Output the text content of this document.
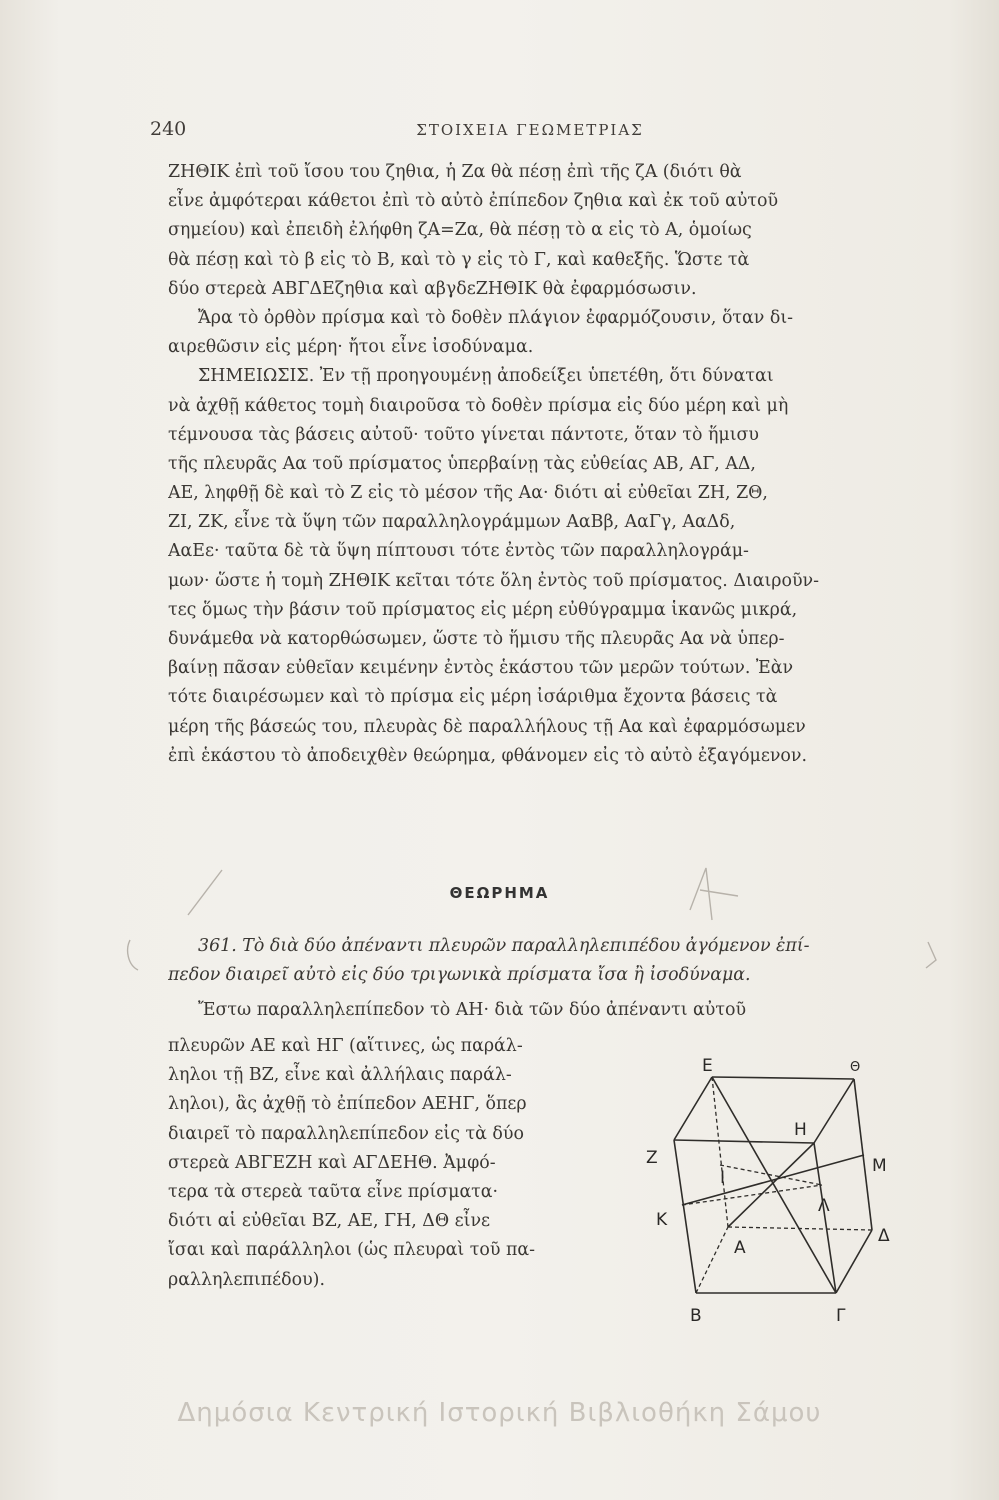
240	ΣΤΟΙΧΕΙΑ ΓΕΩΜΕΤΡΙΑΣ
ΖΗΘΙΚ ἐπὶ τοῦ ἴσου του ζηθια, ἡ Ζα θὰ πέσῃ ἐπὶ τῆς ζΑ (διότι θὰ
εἶνε ἀμφότεραι κάθετοι ἐπὶ τὸ αὐτὸ ἐπίπεδον ζηθια καὶ ἐκ τοῦ αὐτοῦ
σημείου) καὶ ἐπειδὴ ἐλήφθη ζΑ=Ζα, θὰ πέσῃ τὸ α εἰς τὸ Α, ὁμοίως
θὰ πέσῃ καὶ τὸ β εἰς τὸ Β, καὶ τὸ γ εἰς τὸ Γ, καὶ καθεξῆς. Ὥστε τὰ
δύο στερεὰ ΑΒΓΔΕζηθια καὶ αβγδεΖΗΘΙΚ θὰ ἐφαρμόσωσιν.
Ἄρα τὸ ὀρθὸν πρίσμα καὶ τὸ δοθὲν πλάγιον ἐφαρμόζουσιν, ὅταν δι-
αιρεθῶσιν εἰς μέρη· ἤτοι εἶνε ἰσοδύναμα.
ΣΗΜΕΙΩΣΙΣ. Ἐν τῇ προηγουμένῃ ἀποδείξει ὑπετέθη, ὅτι δύναται
νὰ ἀχθῇ κάθετος τομὴ διαιροῦσα τὸ δοθὲν πρίσμα εἰς δύο μέρη καὶ μὴ
τέμνουσα τὰς βάσεις αὐτοῦ· τοῦτο γίνεται πάντοτε, ὅταν τὸ ἥμισυ
τῆς πλευρᾶς Αα τοῦ πρίσματος ὑπερβαίνῃ τὰς εὐθείας ΑΒ, ΑΓ, ΑΔ,
ΑΕ, ληφθῇ δὲ καὶ τὸ Ζ εἰς τὸ μέσον τῆς Αα· διότι αἱ εὐθεῖαι ΖΗ, ΖΘ,
ΖΙ, ΖΚ, εἶνε τὰ ὕψη τῶν παραλληλογράμμων ΑαΒβ, ΑαΓγ, ΑαΔδ,
ΑαΕε· ταῦτα δὲ τὰ ὕψη πίπτουσι τότε ἐντὸς τῶν παραλληλογράμ-
μων· ὥστε ἡ τομὴ ΖΗΘΙΚ κεῖται τότε ὅλη ἐντὸς τοῦ πρίσματος. Διαιροῦν-
τες ὅμως τὴν βάσιν τοῦ πρίσματος εἰς μέρη εὐθύγραμμα ἱκανῶς μικρά,
δυνάμεθα νὰ κατορθώσωμεν, ὥστε τὸ ἥμισυ τῆς πλευρᾶς Αα νὰ ὑπερ-
βαίνῃ πᾶσαν εὐθεῖαν κειμένην ἐντὸς ἑκάστου τῶν μερῶν τούτων. Ἐὰν
τότε διαιρέσωμεν καὶ τὸ πρίσμα εἰς μέρη ἰσάριθμα ἔχοντα βάσεις τὰ
μέρη τῆς βάσεώς του, πλευρὰς δὲ παραλλήλους τῇ Αα καὶ ἐφαρμόσωμεν
ἐπὶ ἑκάστου τὸ ἀποδειχθὲν θεώρημα, φθάνομεν εἰς τὸ αὐτὸ ἐξαγόμενον.
ΘΕΩΡΗΜΑ
361. Τὸ διὰ δύο ἀπέναντι πλευρῶν παραλληλεπιπέδου ἀγόμενον ἐπί-
πεδον διαιρεῖ αὐτὸ εἰς δύο τριγωνικὰ πρίσματα ἴσα ἢ ἰσοδύναμα.
Ἔστω παραλληλεπίπεδον τὸ ΑΗ· διὰ τῶν δύο ἀπέναντι αὐτοῦ
πλευρῶν ΑΕ καὶ ΗΓ (αἵτινες, ὡς παράλ-
ληλοι τῇ ΒΖ, εἶνε καὶ ἀλλήλαις παράλ-
ληλοι), ἂς ἀχθῇ τὸ ἐπίπεδον ΑΕΗΓ, ὅπερ
διαιρεῖ τὸ παραλληλεπίπεδον εἰς τὰ δύο
στερεὰ ΑΒΓΕΖΗ καὶ ΑΓΔΕΗΘ. Ἀμφό-
τερα τὰ στερεὰ ταῦτα εἶνε πρίσματα·
διότι αἱ εὐθεῖαι ΒΖ, ΑΕ, ΓΗ, ΔΘ εἶνε
ἴσαι καὶ παράλληλοι (ὡς πλευραὶ τοῦ πα-
ραλληλεπιπέδου).
E	Θ
H
Z	M
I
K
Λ
Δ
A
B	Γ
Δημόσια Κεντρική Ιστορική Βιβλιοθήκη Σάμου
